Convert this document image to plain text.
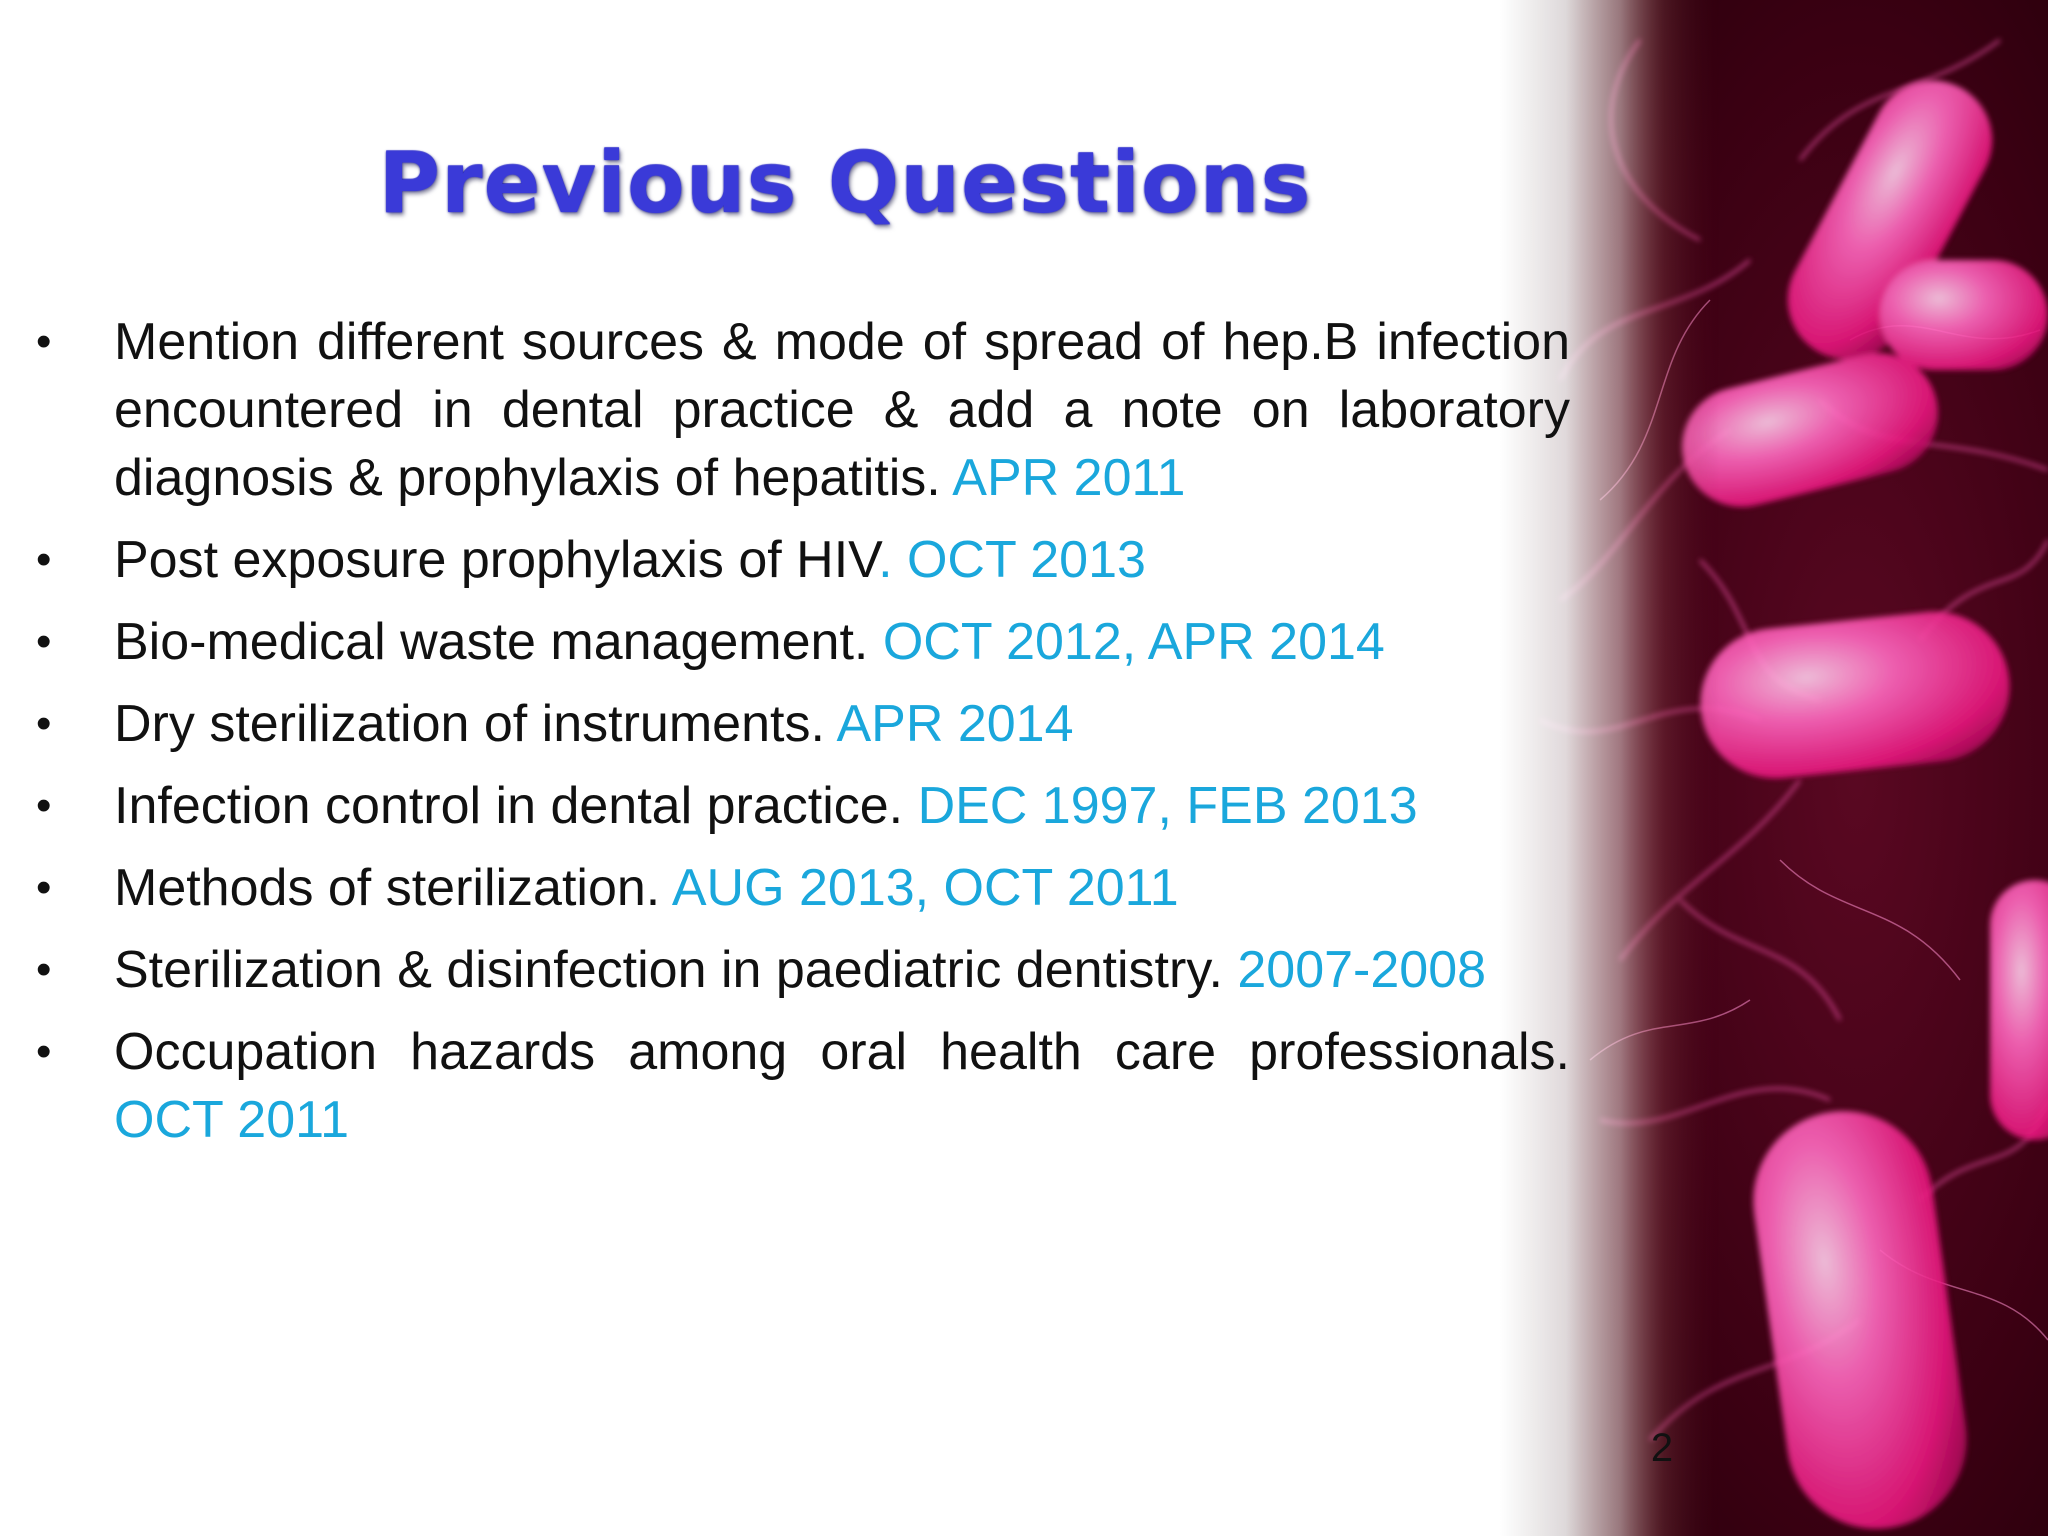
Previous Questions
• Mention different sources & mode of spread of hep.B infection encountered in dental practice & add a note on laboratory diagnosis & prophylaxis of hepatitis. APR 2011
• Post exposure prophylaxis of HIV. OCT 2013
• Bio-medical waste management. OCT 2012, APR 2014
• Dry sterilization of instruments. APR 2014
• Infection control in dental practice. DEC 1997, FEB 2013
• Methods of sterilization. AUG 2013, OCT 2011
• Sterilization & disinfection in paediatric dentistry. 2007-2008
• Occupation hazards among oral health care professionals. OCT 2011
2
